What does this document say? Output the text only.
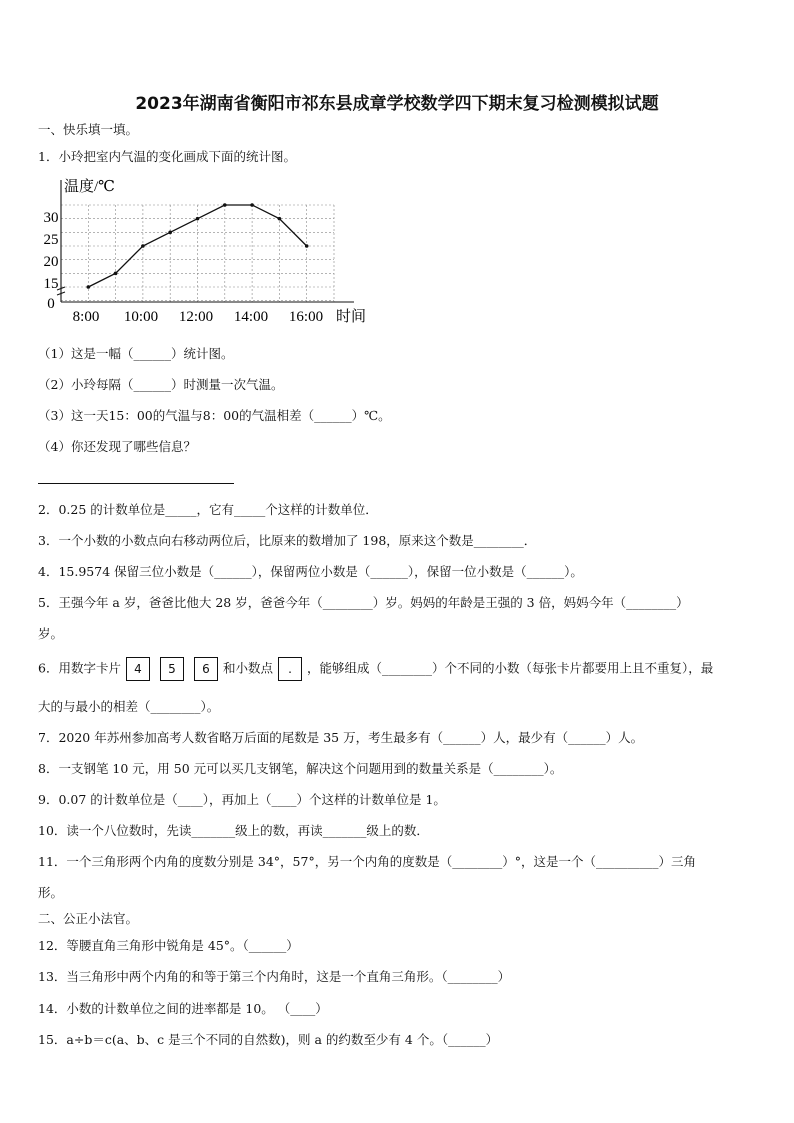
2023年湖南省衡阳市祁东县成章学校数学四下期末复习检测模拟试题
一、快乐填一填。
1．小玲把室内气温的变化画成下面的统计图。
温度/℃
时间
30
25
20
15
0
8:00 10:00 12:00 14:00 16:00
（1）这是一幅（______）统计图。
（2）小玲每隔（______）时测量一次气温。
（3）这一天15：00的气温与8：00的气温相差（______）℃。
（4）你还发现了哪些信息？
2．0.25 的计数单位是_____，它有_____个这样的计数单位．
3．一个小数的小数点向右移动两位后，比原来的数增加了 198，原来这个数是________．
4．15.9574 保留三位小数是（______），保留两位小数是（______），保留一位小数是（______）。
5．王强今年 a 岁，爸爸比他大 28 岁，爸爸今年（________）岁。妈妈的年龄是王强的 3 倍，妈妈今年（________）
岁。
6．用数字卡片 4 5 6 和小数点 . ，能够组成（________）个不同的小数（每张卡片都要用上且不重复），最
大的与最小的相差（________）。
7．2020 年苏州参加高考人数省略万后面的尾数是 35 万，考生最多有（______）人，最少有（______）人。
8．一支钢笔 10 元，用 50 元可以买几支钢笔，解决这个问题用到的数量关系是（________）。
9．0.07 的计数单位是（____），再加上（____）个这样的计数单位是 1。
10．读一个八位数时，先读_______级上的数，再读_______级上的数．
11．一个三角形两个内角的度数分别是 34°，57°，另一个内角的度数是（________）°，这是一个（__________）三角
形。
二、公正小法官。
12．等腰直角三角形中锐角是 45°。（______）
13．当三角形中两个内角的和等于第三个内角时，这是一个直角三角形。（________）
14．小数的计数单位之间的进率都是 10。 （____）
15．a÷b＝c(a、b、c 是三个不同的自然数)，则 a 的约数至少有 4 个。（______）
